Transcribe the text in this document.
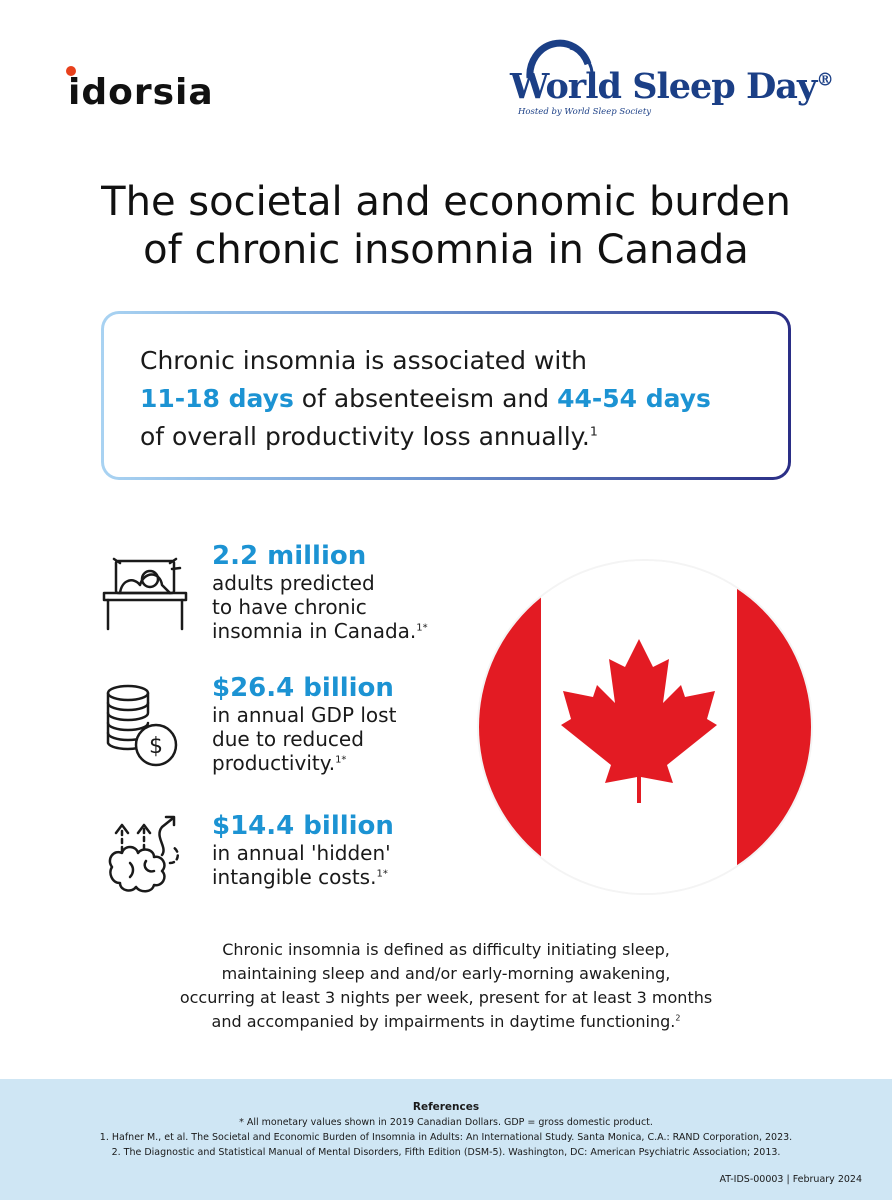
idorsia	World Sleep Day®
Hosted by World Sleep Society
The societal and economic burden
of chronic insomnia in Canada

Chronic insomnia is associated with
11-18 days of absenteeism and 44-54 days
of overall productivity loss annually.$^1$

2.2 million
adults predicted
to have chronic
insomnia in Canada.$^{1*}$
$
$26.4 billion
in annual GDP lost
due to reduced
productivity.$^{1*}$
$14.4 billion
in annual 'hidden'
intangible costs.$^{1*}$
Chronic insomnia is defined as difficulty initiating sleep,
maintaining sleep and and/or early-morning awakening,
occurring at least 3 nights per week, present for at least 3 months
and accompanied by impairments in daytime functioning.$^2$
References
* All monetary values shown in 2019 Canadian Dollars. GDP = gross domestic product.
1. Hafner M., et al. The Societal and Economic Burden of Insomnia in Adults: An International Study. Santa Monica, C.A.: RAND Corporation, 2023.
2. The Diagnostic and Statistical Manual of Mental Disorders, Fifth Edition (DSM-5). Washington, DC: American Psychiatric Association; 2013.
AT-IDS-00003 | February 2024
